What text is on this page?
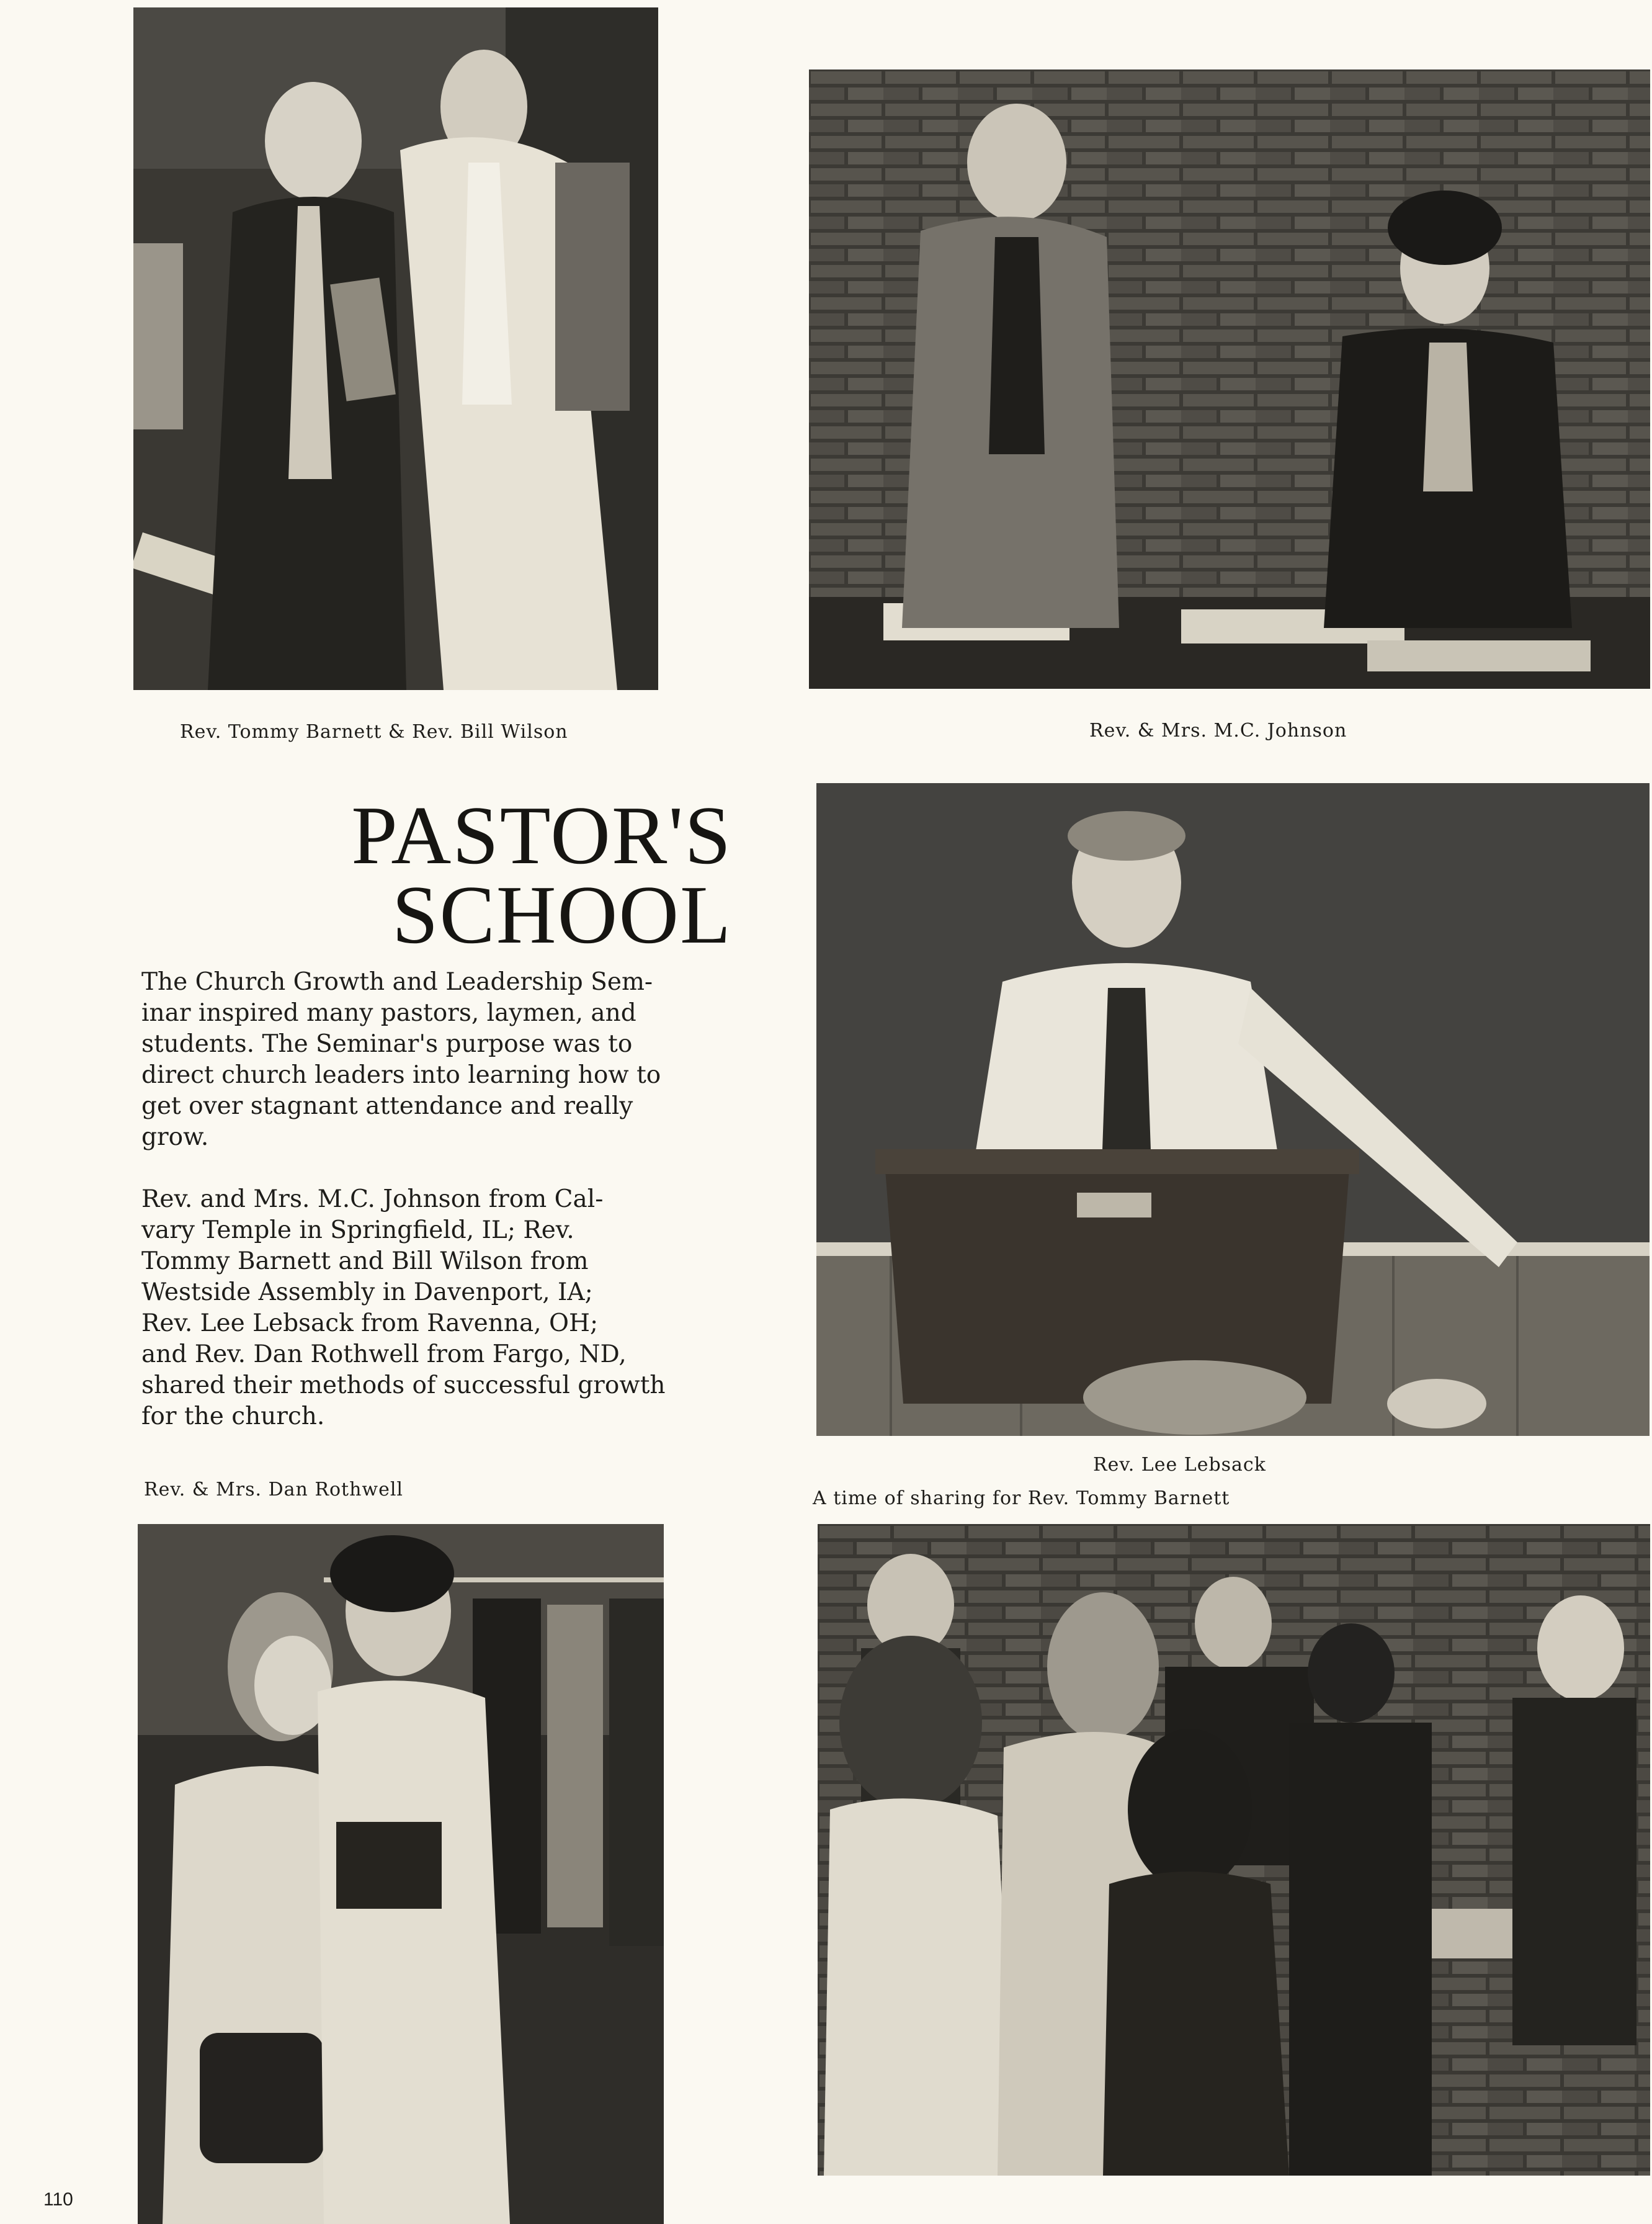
Rev. Tommy Barnett & Rev. Bill Wilson	Rev. & Mrs. M.C. Johnson
PASTOR'S
SCHOOL
The Church Growth and Leadership Sem-
inar inspired many pastors, laymen, and
students. The Seminar's purpose was to
direct church leaders into learning how to
get over stagnant attendance and really
grow.
Rev. and Mrs. M.C. Johnson from Cal-
vary Temple in Springfield, IL; Rev.
Tommy Barnett and Bill Wilson from
Westside Assembly in Davenport, IA;
Rev. Lee Lebsack from Ravenna, OH;
and Rev. Dan Rothwell from Fargo, ND,
shared their methods of successful growth
for the church.
Rev. Lee Lebsack
A time of sharing for Rev. Tommy Barnett
Rev. & Mrs. Dan Rothwell
110
